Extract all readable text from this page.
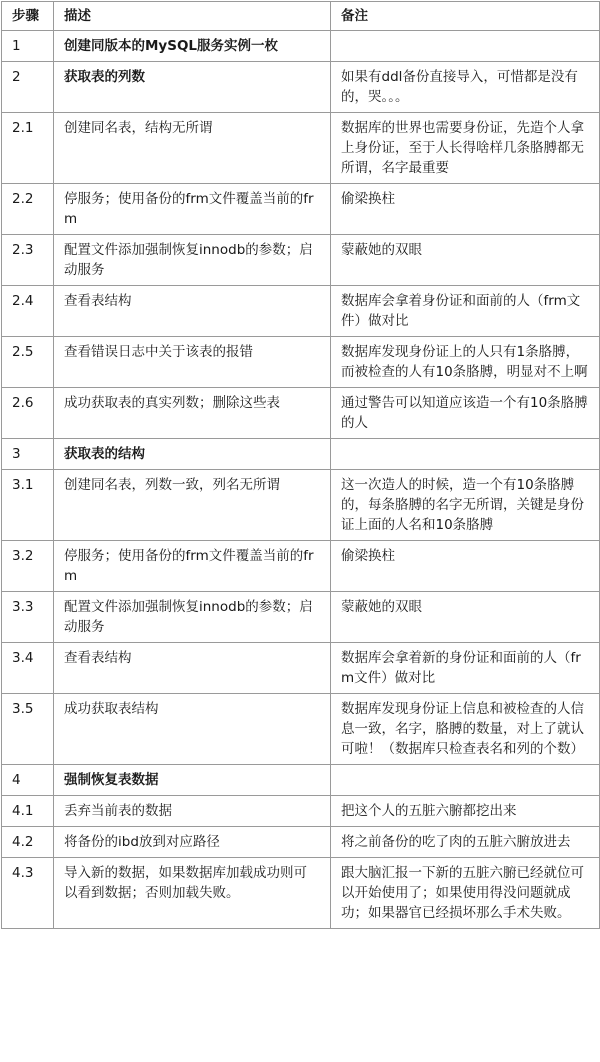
步骤	描述	备注
1	创建同版本的MySQL服务实例一枚	
2	获取表的列数	如果有ddl备份直接导入，可惜都是没有的，哭。。。
2.1	创建同名表，结构无所谓	数据库的世界也需要身份证，先造个人拿上身份证，至于人长得啥样几条胳膊都无所谓，名字最重要
2.2	停服务；使用备份的frm文件覆盖当前的frm	偷梁换柱
2.3	配置文件添加强制恢复innodb的参数；启动服务	蒙蔽她的双眼
2.4	查看表结构	数据库会拿着身份证和面前的人（frm文件）做对比
2.5	查看错误日志中关于该表的报错	数据库发现身份证上的人只有1条胳膊，而被检查的人有10条胳膊，明显对不上啊
2.6	成功获取表的真实列数；删除这些表	通过警告可以知道应该造一个有10条胳膊的人
3	获取表的结构	
3.1	创建同名表，列数一致，列名无所谓	这一次造人的时候，造一个有10条胳膊的，每条胳膊的名字无所谓，关键是身份证上面的人名和10条胳膊
3.2	停服务；使用备份的frm文件覆盖当前的frm	偷梁换柱
3.3	配置文件添加强制恢复innodb的参数；启动服务	蒙蔽她的双眼
3.4	查看表结构	数据库会拿着新的身份证和面前的人（frm文件）做对比
3.5	成功获取表结构	数据库发现身份证上信息和被检查的人信息一致，名字，胳膊的数量，对上了就认可啦！（数据库只检查表名和列的个数）
4	强制恢复表数据	
4.1	丢弃当前表的数据	把这个人的五脏六腑都挖出来
4.2	将备份的ibd放到对应路径	将之前备份的吃了肉的五脏六腑放进去
4.3	导入新的数据，如果数据库加载成功则可以看到数据；否则加载失败。	跟大脑汇报一下新的五脏六腑已经就位可以开始使用了；如果使用得没问题就成功；如果器官已经损坏那么手术失败。
